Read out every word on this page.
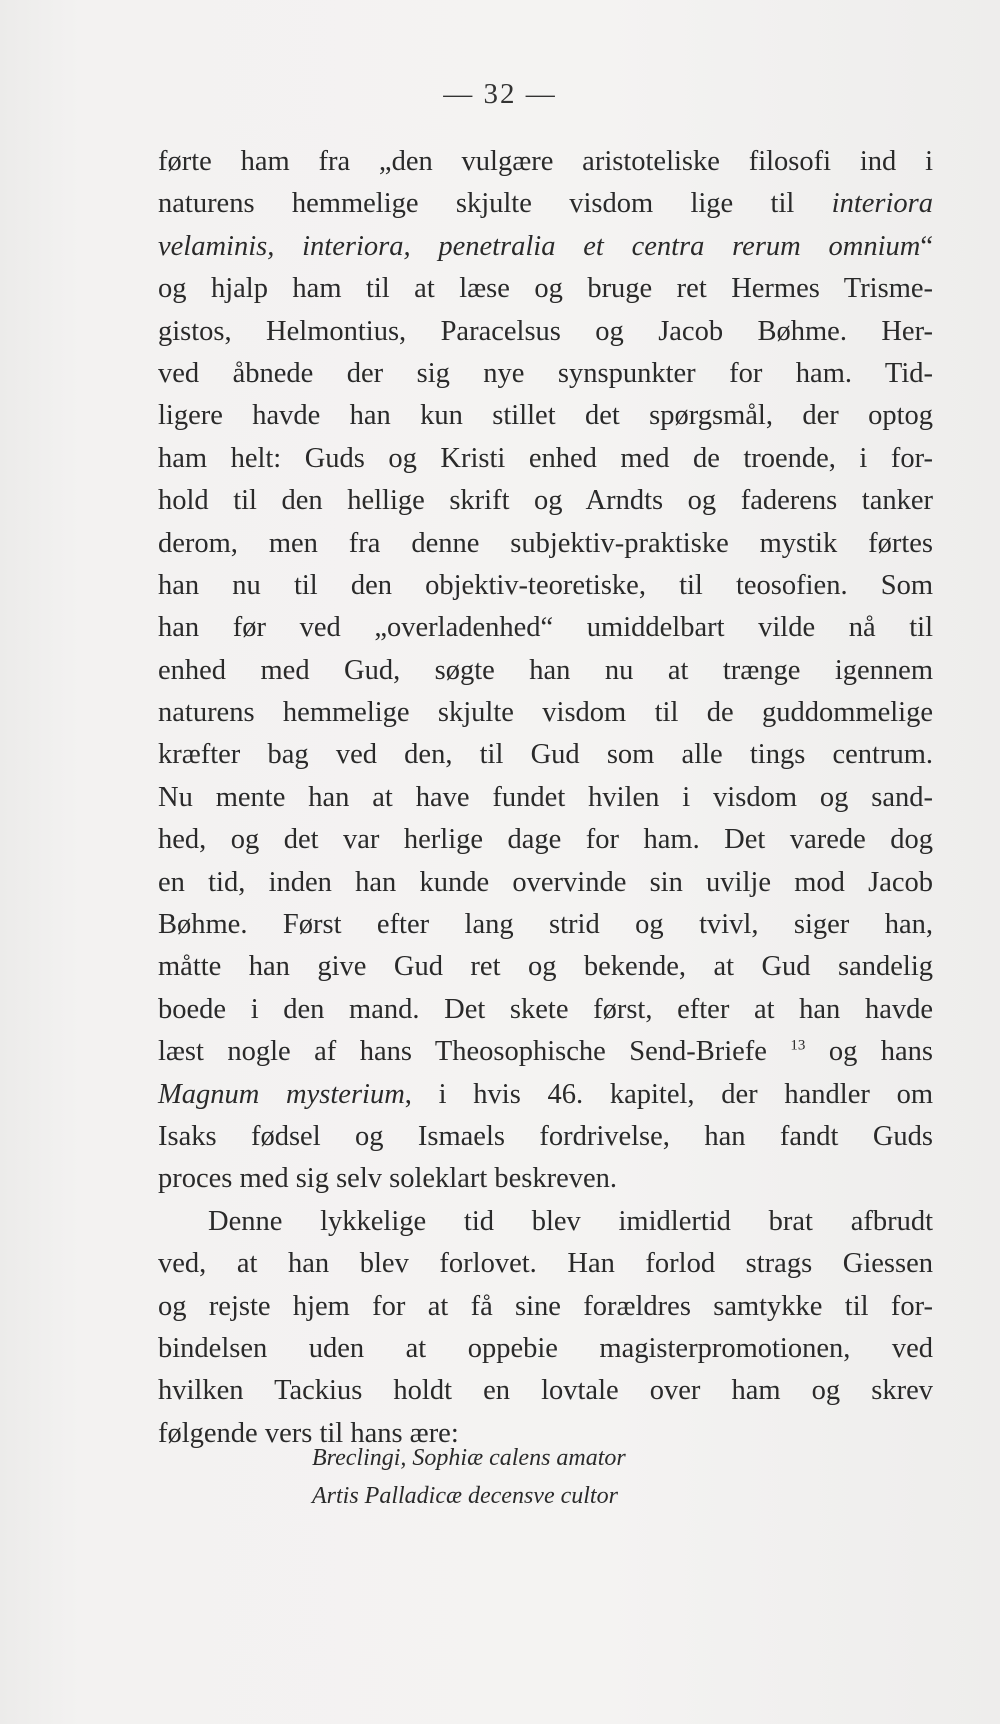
— 32 —
førte ham fra „den vulgære aristoteliske filosofi ind i
naturens hemmelige skjulte visdom lige til interiora
velaminis, interiora, penetralia et centra rerum omnium“
og hjalp ham til at læse og bruge ret Hermes Trisme-
gistos, Helmontius, Paracelsus og Jacob Bøhme. Her-
ved åbnede der sig nye synspunkter for ham. Tid-
ligere havde han kun stillet det spørgsmål, der optog
ham helt: Guds og Kristi enhed med de troende, i for-
hold til den hellige skrift og Arndts og faderens tanker
derom, men fra denne subjektiv-praktiske mystik førtes
han nu til den objektiv-teoretiske, til teosofien. Som
han før ved „overladenhed“ umiddelbart vilde nå til
enhed med Gud, søgte han nu at trænge igennem
naturens hemmelige skjulte visdom til de guddommelige
kræfter bag ved den, til Gud som alle tings centrum.
Nu mente han at have fundet hvilen i visdom og sand-
hed, og det var herlige dage for ham. Det varede dog
en tid, inden han kunde overvinde sin uvilje mod Jacob
Bøhme. Først efter lang strid og tvivl, siger han,
måtte han give Gud ret og bekende, at Gud sandelig
boede i den mand. Det skete først, efter at han havde
læst nogle af hans Theosophische Send-Briefe $^{13}$ og hans
Magnum mysterium, i hvis 46. kapitel, der handler om
Isaks fødsel og Ismaels fordrivelse, han fandt Guds
proces med sig selv soleklart beskreven.
Denne lykkelige tid blev imidlertid brat afbrudt
ved, at han blev forlovet. Han forlod strags Giessen
og rejste hjem for at få sine forældres samtykke til for-
bindelsen uden at oppebie magisterpromotionen, ved
hvilken Tackius holdt en lovtale over ham og skrev
følgende vers til hans ære:
Breclingi, Sophiæ calens amator
Artis Palladicæ decensve cultor
